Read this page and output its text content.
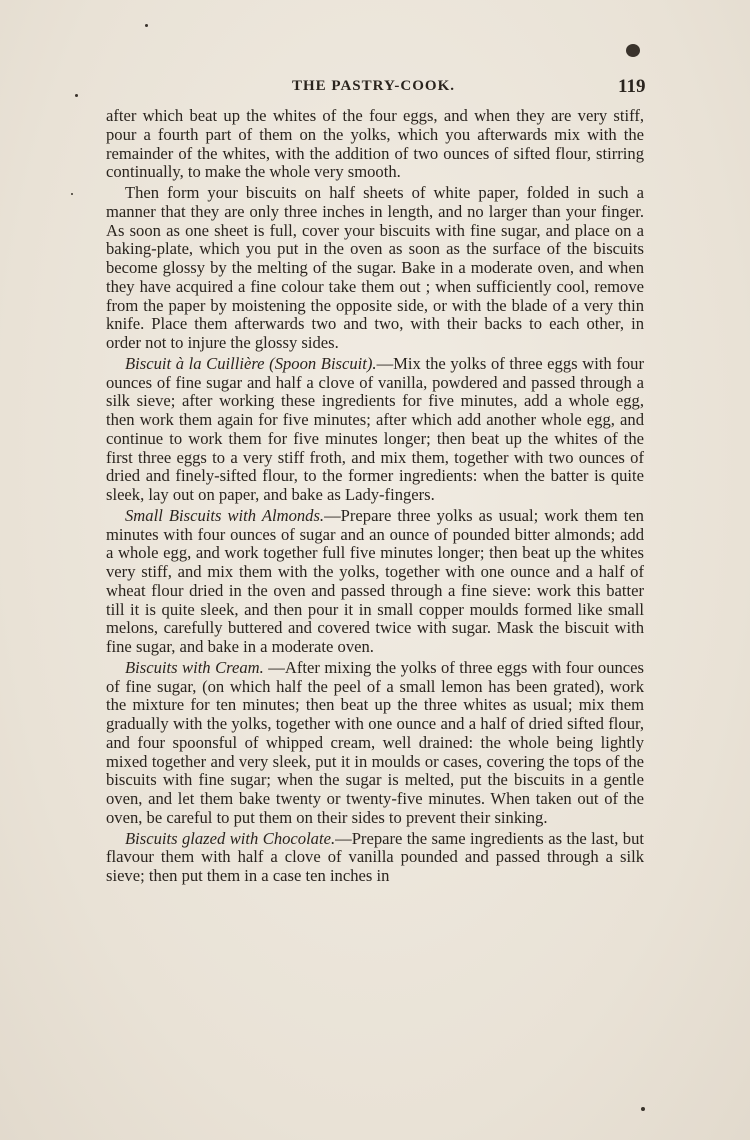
THE PASTRY-COOK.	119

after which beat up the whites of the four eggs, and when they are very stiff, pour a fourth part of them on the yolks, which you afterwards mix with the remainder of the whites, with the addition of two ounces of sifted flour, stirring continually, to make the whole very smooth.

Then form your biscuits on half sheets of white paper, folded in such a manner that they are only three inches in length, and no larger than your finger. As soon as one sheet is full, cover your biscuits with fine sugar, and place on a baking-plate, which you put in the oven as soon as the surface of the biscuits become glossy by the melting of the sugar. Bake in a moderate oven, and when they have acquired a fine colour take them out ; when sufficiently cool, remove from the paper by moistening the opposite side, or with the blade of a very thin knife. Place them afterwards two and two, with their backs to each other, in order not to injure the glossy sides.

Biscuit à la Cuillière (Spoon Biscuit).—Mix the yolks of three eggs with four ounces of fine sugar and half a clove of vanilla, powdered and passed through a silk sieve; after working these ingredients for five minutes, add a whole egg, then work them again for five minutes; after which add another whole egg, and continue to work them for five minutes longer; then beat up the whites of the first three eggs to a very stiff froth, and mix them, together with two ounces of dried and finely-sifted flour, to the former ingredients: when the batter is quite sleek, lay out on paper, and bake as Lady-fingers.

Small Biscuits with Almonds.—Prepare three yolks as usual; work them ten minutes with four ounces of sugar and an ounce of pounded bitter almonds; add a whole egg, and work together full five minutes longer; then beat up the whites very stiff, and mix them with the yolks, together with one ounce and a half of wheat flour dried in the oven and passed through a fine sieve: work this batter till it is quite sleek, and then pour it in small copper moulds formed like small melons, carefully buttered and covered twice with sugar. Mask the biscuit with fine sugar, and bake in a moderate oven.

Biscuits with Cream. —After mixing the yolks of three eggs with four ounces of fine sugar, (on which half the peel of a small lemon has been grated), work the mixture for ten minutes; then beat up the three whites as usual; mix them gradually with the yolks, together with one ounce and a half of dried sifted flour, and four spoonsful of whipped cream, well drained: the whole being lightly mixed together and very sleek, put it in moulds or cases, covering the tops of the biscuits with fine sugar; when the sugar is melted, put the biscuits in a gentle oven, and let them bake twenty or twenty-five minutes. When taken out of the oven, be careful to put them on their sides to prevent their sinking.

Biscuits glazed with Chocolate.—Prepare the same ingredients as the last, but flavour them with half a clove of vanilla pounded and passed through a silk sieve; then put them in a case ten inches in
